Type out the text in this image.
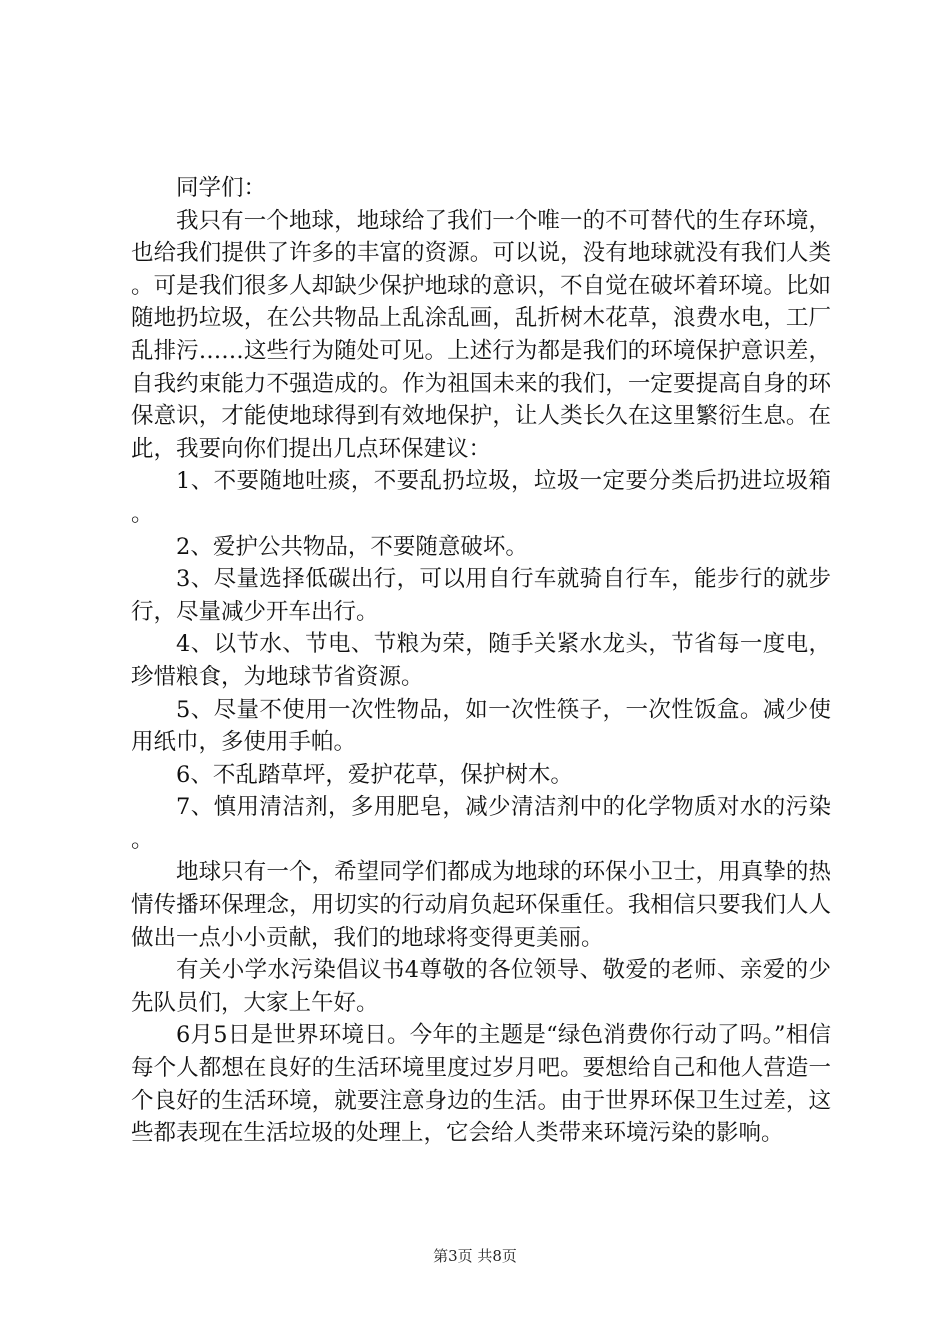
同学们：

我只有一个地球，地球给了我们一个唯一的不可替代的生存环境，也给我们提供了许多的丰富的资源。可以说，没有地球就没有我们人类。可是我们很多人却缺少保护地球的意识，不自觉在破坏着环境。比如随地扔垃圾，在公共物品上乱涂乱画，乱折树木花草，浪费水电，工厂乱排污……这些行为随处可见。上述行为都是我们的环境保护意识差，自我约束能力不强造成的。作为祖国未来的我们，一定要提高自身的环保意识，才能使地球得到有效地保护，让人类长久在这里繁衍生息。在此，我要向你们提出几点环保建议：

1、不要随地吐痰，不要乱扔垃圾，垃圾一定要分类后扔进垃圾箱。

2、爱护公共物品，不要随意破坏。

3、尽量选择低碳出行，可以用自行车就骑自行车，能步行的就步行，尽量减少开车出行。

4、以节水、节电、节粮为荣，随手关紧水龙头，节省每一度电，珍惜粮食，为地球节省资源。

5、尽量不使用一次性物品，如一次性筷子，一次性饭盒。减少使用纸巾，多使用手帕。

6、不乱踏草坪，爱护花草，保护树木。

7、慎用清洁剂，多用肥皂，减少清洁剂中的化学物质对水的污染。

地球只有一个，希望同学们都成为地球的环保小卫士，用真挚的热情传播环保理念，用切实的行动肩负起环保重任。我相信只要我们人人做出一点小小贡献，我们的地球将变得更美丽。

有关小学水污染倡议书4尊敬的各位领导、敬爱的老师、亲爱的少先队员们，大家上午好。

6月5日是世界环境日。今年的主题是“绿色消费你行动了吗。”相信每个人都想在良好的生活环境里度过岁月吧。要想给自己和他人营造一个良好的生活环境，就要注意身边的生活。由于世界环保卫生过差，这些都表现在生活垃圾的处理上，它会给人类带来环境污染的影响。

第3页 共8页
